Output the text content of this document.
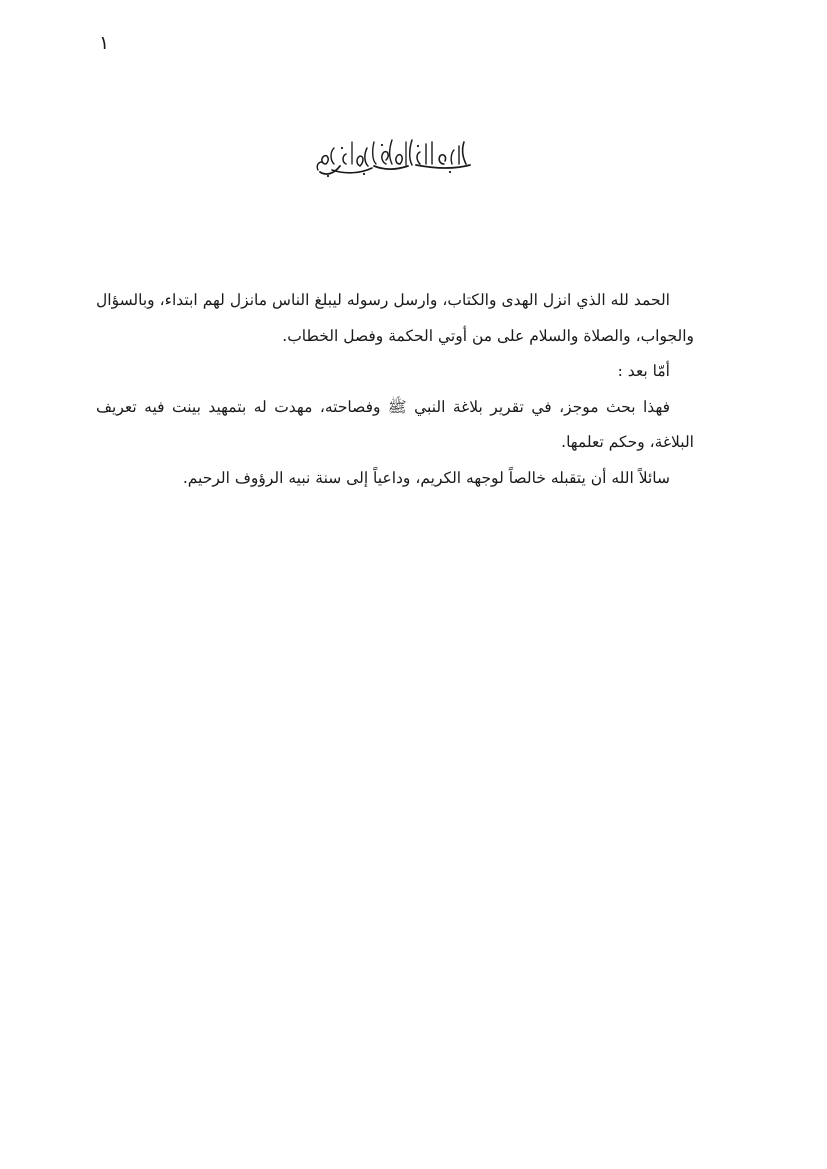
١

الحمد لله الذي انزل الهدى والكتاب، وارسل رسوله ليبلغ الناس مانزل لهم ابتداء، وبالسؤال والجواب، والصلاة والسلام على من أوتي الحكمة وفصل الخطاب.

أمّا بعد :

فهذا بحث موجز، في تقرير بلاغة النبي ﷺ وفصاحته، مهدت له بتمهيد بينت فيه تعريف البلاغة، وحكم تعلمها.

سائلاً الله أن يتقبله خالصاً لوجهه الكريم، وداعياً إلى سنة نبيه الرؤوف الرحيم.
